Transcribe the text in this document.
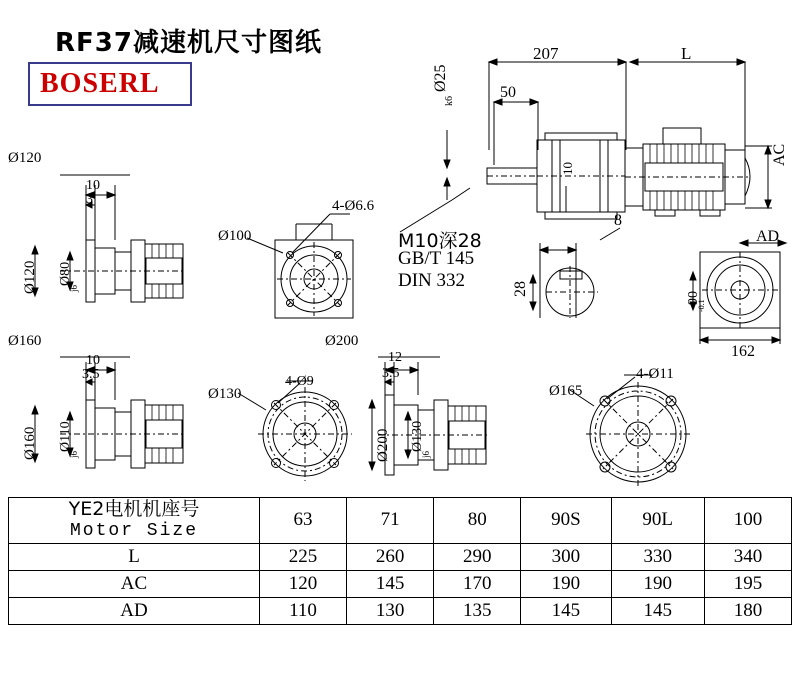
RF37减速机尺寸图纸
BOSERL
207	L
50
Ø25
k6
AC
AD
162
90
-0.1
8
28
10
M10深28
GB/T 145
DIN 332
Ø120
10
3
Ø120 Ø80
j6
4-Ø6.6
Ø100
Ø160
10
3.5
Ø160 Ø110
j6
4-Ø9
Ø130
Ø200
12
3.5
Ø200 Ø130
j6
4-Ø11
Ø165
YE2电机机座号
Motor Size	63	71	80	90S	90L	100
L	225	260	290	300	330	340
AC	120	145	170	190	190	195
AD	110	130	135	145	145	180
